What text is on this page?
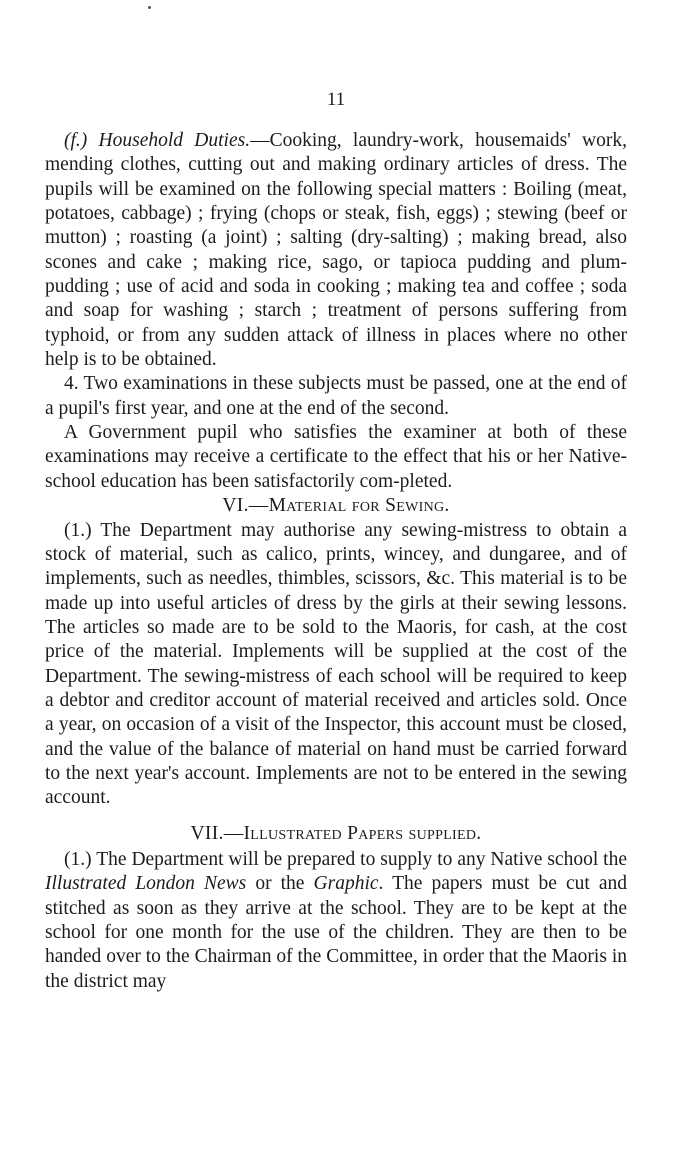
11

(f.) Household Duties.—Cooking, laundry-work, housemaids' work, mending clothes, cutting out and making ordinary articles of dress. The pupils will be examined on the following special matters : Boiling (meat, potatoes, cabbage) ; frying (chops or steak, fish, eggs) ; stewing (beef or mutton) ; roasting (a joint) ; salting (dry-salting) ; making bread, also scones and cake ; making rice, sago, or tapioca pudding and plum-pudding ; use of acid and soda in cooking ; making tea and coffee ; soda and soap for washing ; starch ; treatment of persons suffering from typhoid, or from any sudden attack of illness in places where no other help is to be obtained.

4. Two examinations in these subjects must be passed, one at the end of a pupil's first year, and one at the end of the second.

A Government pupil who satisfies the examiner at both of these examinations may receive a certificate to the effect that his or her Native-school education has been satisfactorily com-pleted.

VI.—Material for Sewing.

(1.) The Department may authorise any sewing-mistress to obtain a stock of material, such as calico, prints, wincey, and dungaree, and of implements, such as needles, thimbles, scissors, &c. This material is to be made up into useful articles of dress by the girls at their sewing lessons. The articles so made are to be sold to the Maoris, for cash, at the cost price of the material. Implements will be supplied at the cost of the Department. The sewing-mistress of each school will be required to keep a debtor and creditor account of material received and articles sold. Once a year, on occasion of a visit of the Inspector, this account must be closed, and the value of the balance of material on hand must be carried forward to the next year's account. Implements are not to be entered in the sewing account.

VII.—Illustrated Papers supplied.

(1.) The Department will be prepared to supply to any Native school the Illustrated London News or the Graphic. The papers must be cut and stitched as soon as they arrive at the school. They are to be kept at the school for one month for the use of the children. They are then to be handed over to the Chairman of the Committee, in order that the Maoris in the district may
